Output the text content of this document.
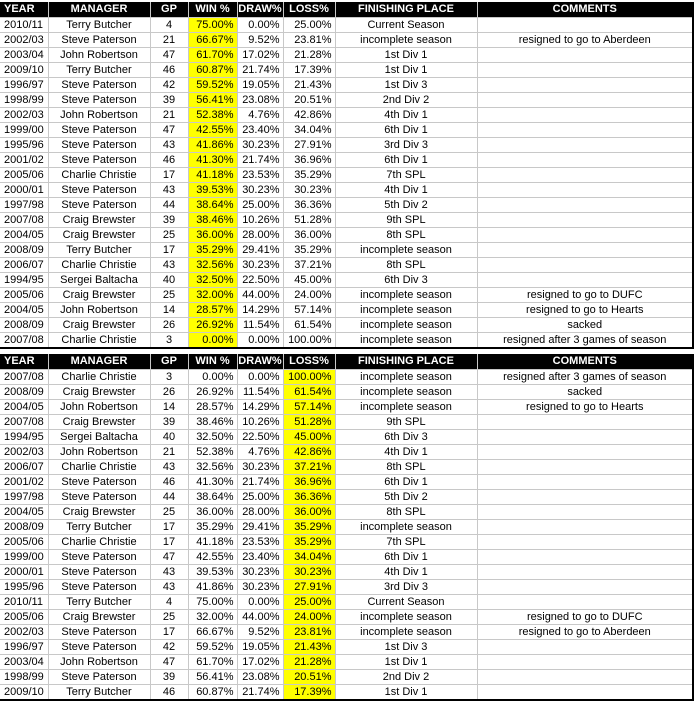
YEAR	MANAGER	GP	WIN %	DRAW%	LOSS%	FINISHING PLACE	COMMENTS
2010/11	Terry Butcher	4	75.00%	0.00%	25.00%	Current Season	
2002/03	Steve Paterson	21	66.67%	9.52%	23.81%	incomplete season	resigned to go to Aberdeen
2003/04	John Robertson	47	61.70%	17.02%	21.28%	1st Div 1	
2009/10	Terry Butcher	46	60.87%	21.74%	17.39%	1st Div 1	
1996/97	Steve Paterson	42	59.52%	19.05%	21.43%	1st Div 3	
1998/99	Steve Paterson	39	56.41%	23.08%	20.51%	2nd Div 2	
2002/03	John Robertson	21	52.38%	4.76%	42.86%	4th Div 1	
1999/00	Steve Paterson	47	42.55%	23.40%	34.04%	6th Div 1	
1995/96	Steve Paterson	43	41.86%	30.23%	27.91%	3rd Div 3	
2001/02	Steve Paterson	46	41.30%	21.74%	36.96%	6th Div 1	
2005/06	Charlie Christie	17	41.18%	23.53%	35.29%	7th SPL	
2000/01	Steve Paterson	43	39.53%	30.23%	30.23%	4th Div 1	
1997/98	Steve Paterson	44	38.64%	25.00%	36.36%	5th Div 2	
2007/08	Craig Brewster	39	38.46%	10.26%	51.28%	9th SPL	
2004/05	Craig Brewster	25	36.00%	28.00%	36.00%	8th SPL	
2008/09	Terry Butcher	17	35.29%	29.41%	35.29%	incomplete season	
2006/07	Charlie Christie	43	32.56%	30.23%	37.21%	8th SPL	
1994/95	Sergei Baltacha	40	32.50%	22.50%	45.00%	6th Div 3	
2005/06	Craig Brewster	25	32.00%	44.00%	24.00%	incomplete season	resigned to go to DUFC
2004/05	John Robertson	14	28.57%	14.29%	57.14%	incomplete season	resigned to go to Hearts
2008/09	Craig Brewster	26	26.92%	11.54%	61.54%	incomplete season	sacked
2007/08	Charlie Christie	3	0.00%	0.00%	100.00%	incomplete season	resigned after 3 games of season
YEAR	MANAGER	GP	WIN %	DRAW%	LOSS%	FINISHING PLACE	COMMENTS
2007/08	Charlie Christie	3	0.00%	0.00%	100.00%	incomplete season	resigned after 3 games of season
2008/09	Craig Brewster	26	26.92%	11.54%	61.54%	incomplete season	sacked
2004/05	John Robertson	14	28.57%	14.29%	57.14%	incomplete season	resigned to go to Hearts
2007/08	Craig Brewster	39	38.46%	10.26%	51.28%	9th SPL	
1994/95	Sergei Baltacha	40	32.50%	22.50%	45.00%	6th Div 3	
2002/03	John Robertson	21	52.38%	4.76%	42.86%	4th Div 1	
2006/07	Charlie Christie	43	32.56%	30.23%	37.21%	8th SPL	
2001/02	Steve Paterson	46	41.30%	21.74%	36.96%	6th Div 1	
1997/98	Steve Paterson	44	38.64%	25.00%	36.36%	5th Div 2	
2004/05	Craig Brewster	25	36.00%	28.00%	36.00%	8th SPL	
2008/09	Terry Butcher	17	35.29%	29.41%	35.29%	incomplete season	
2005/06	Charlie Christie	17	41.18%	23.53%	35.29%	7th SPL	
1999/00	Steve Paterson	47	42.55%	23.40%	34.04%	6th Div 1	
2000/01	Steve Paterson	43	39.53%	30.23%	30.23%	4th Div 1	
1995/96	Steve Paterson	43	41.86%	30.23%	27.91%	3rd Div 3	
2010/11	Terry Butcher	4	75.00%	0.00%	25.00%	Current Season	
2005/06	Craig Brewster	25	32.00%	44.00%	24.00%	incomplete season	resigned to go to DUFC
2002/03	Steve Paterson	17	66.67%	9.52%	23.81%	incomplete season	resigned to go to Aberdeen
1996/97	Steve Paterson	42	59.52%	19.05%	21.43%	1st Div 3	
2003/04	John Robertson	47	61.70%	17.02%	21.28%	1st Div 1	
1998/99	Steve Paterson	39	56.41%	23.08%	20.51%	2nd Div 2	
2009/10	Terry Butcher	46	60.87%	21.74%	17.39%	1st Div 1	
